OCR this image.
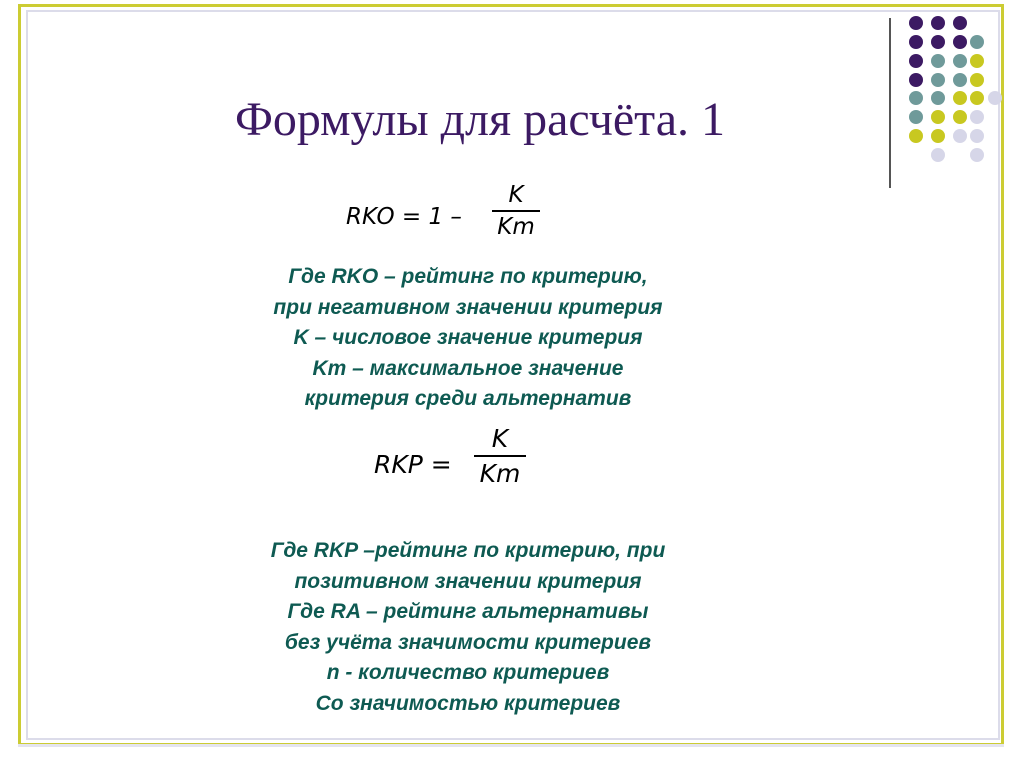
Формулы для расчёта. 1
RKO = 1 –
K
Km
Где RKO – рейтинг по критерию,
при негативном значении критерия
K – числовое значение критерия
Km – максимальное значение
критерия среди альтернатив
RKP =
K
Km
Где RKP –рейтинг по критерию, при
позитивном значении критерия
Где RA – рейтинг альтернативы
без учёта значимости критериев
n - количество критериев
Со значимостью критериев
